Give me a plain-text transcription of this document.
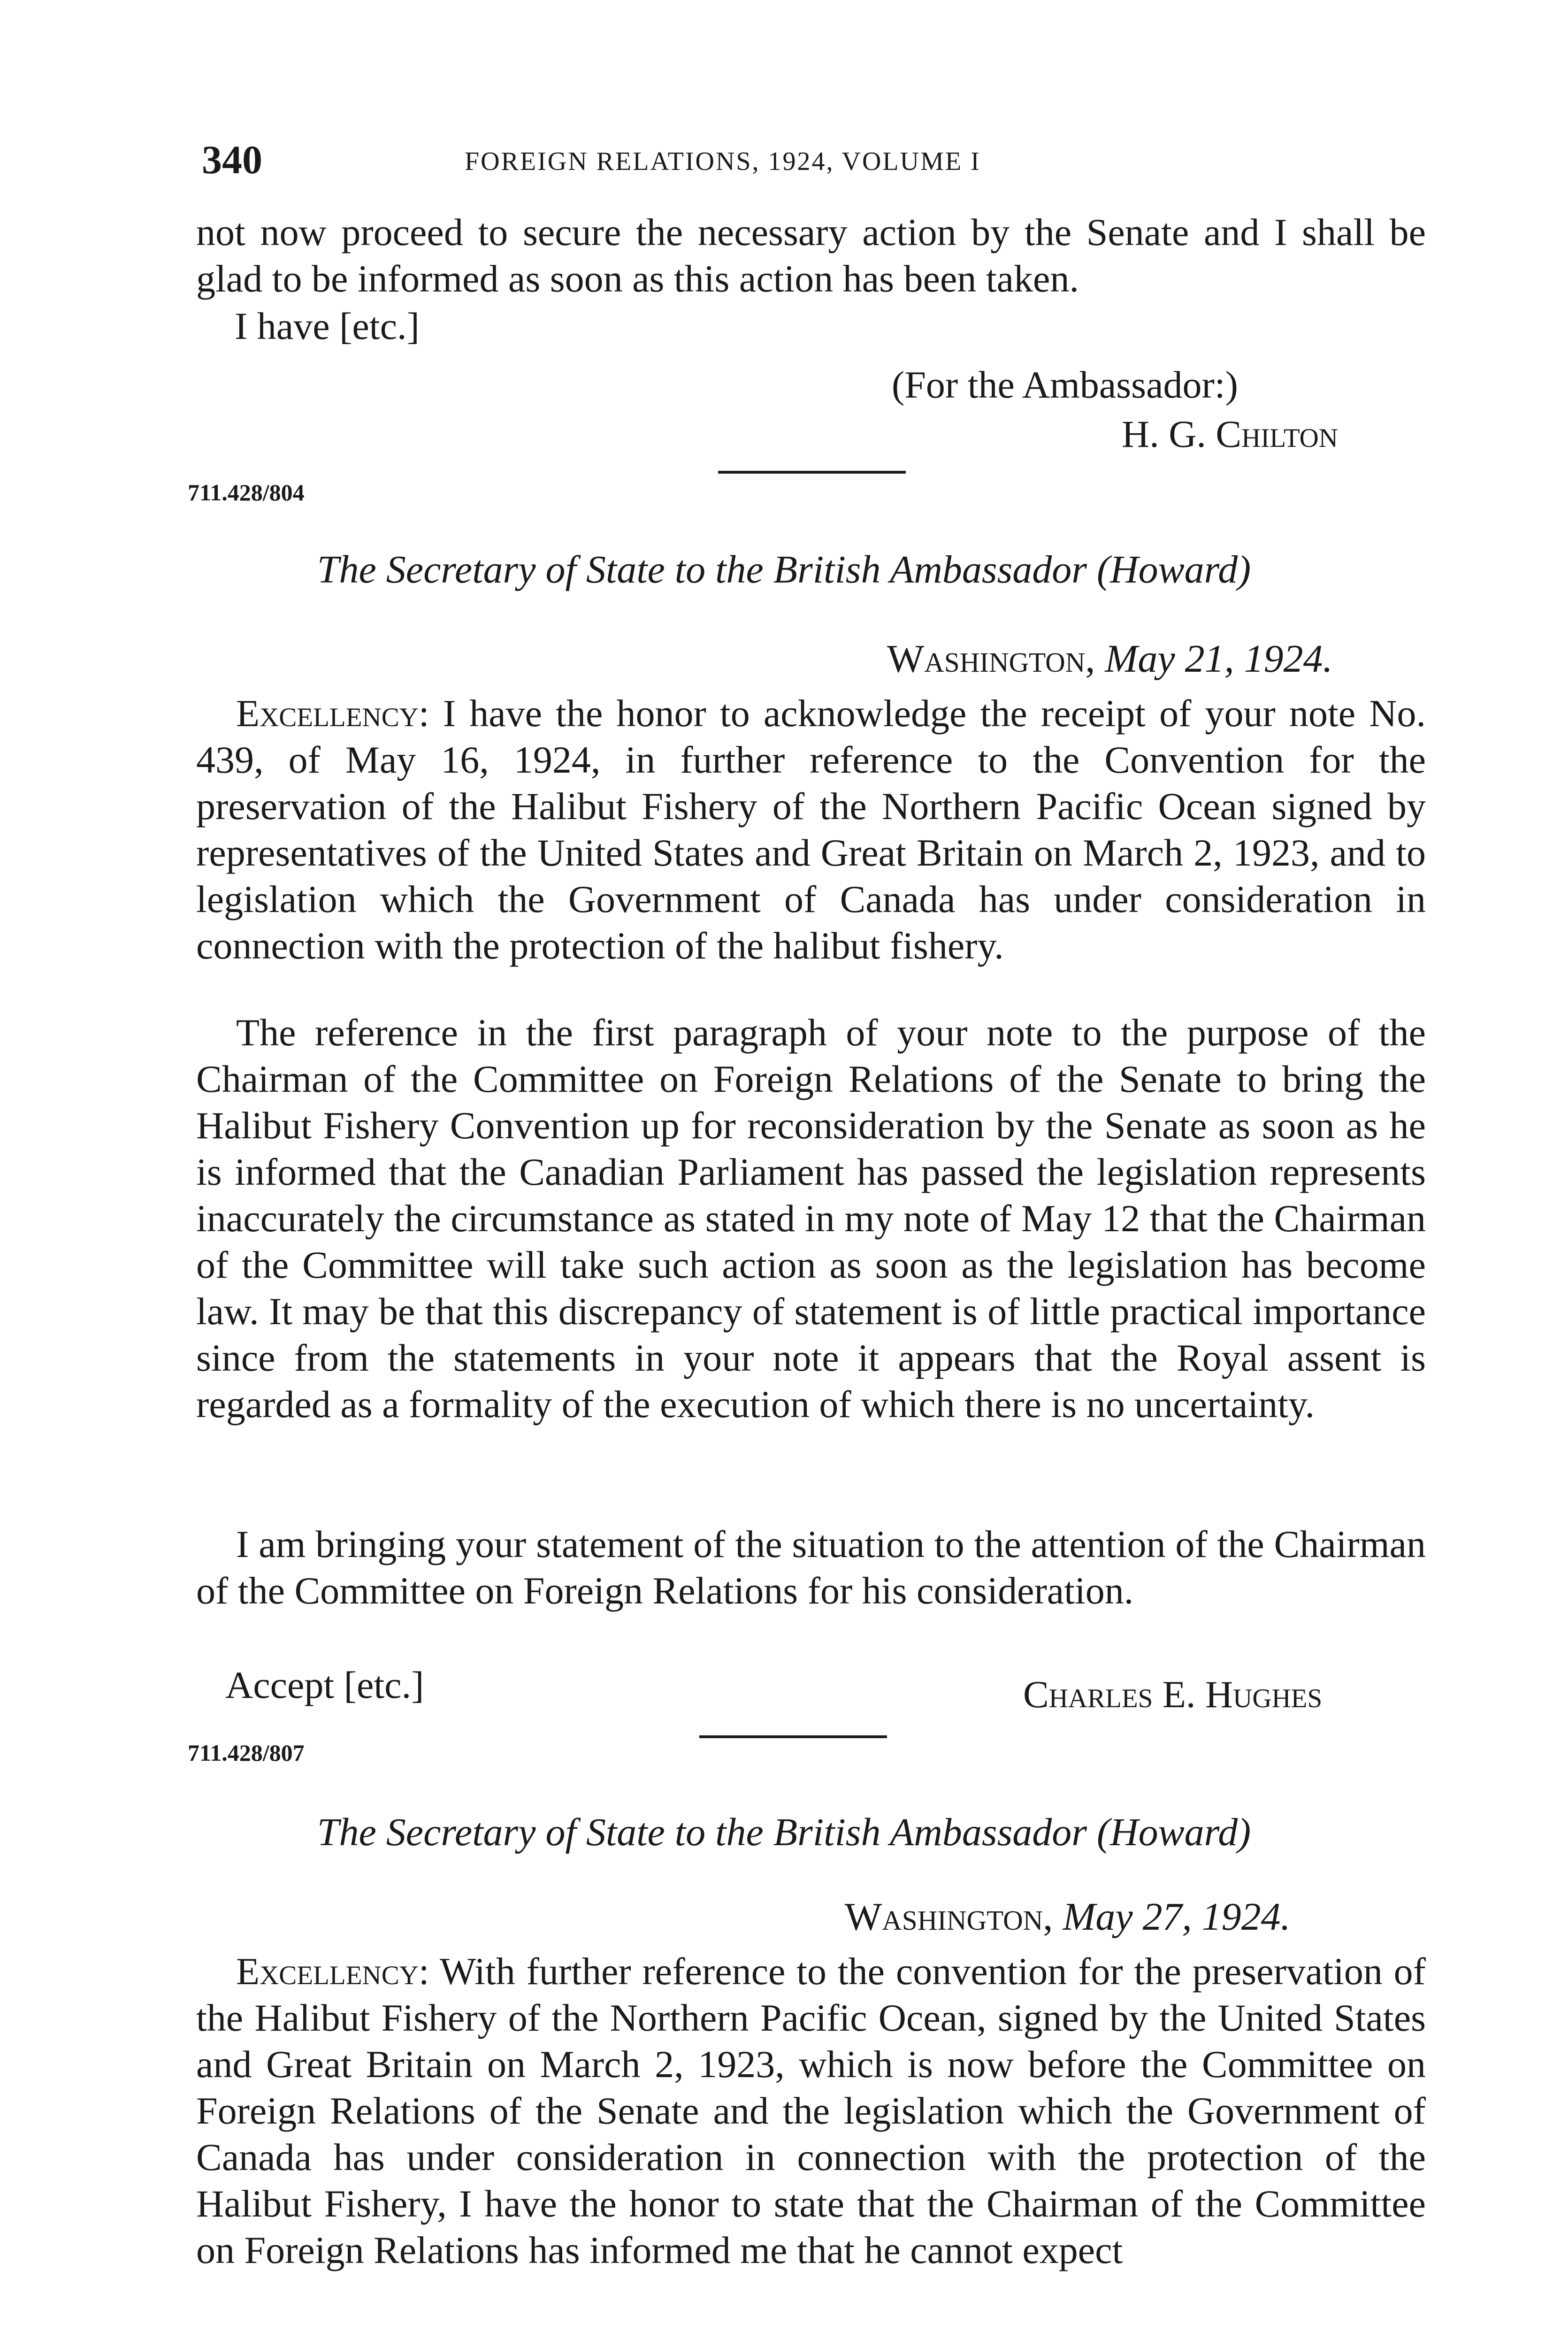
340	FOREIGN RELATIONS, 1924, VOLUME I

not now proceed to secure the necessary action by the Senate and I shall be glad to be informed as soon as this action has been taken.

I have [etc.]
(For the Ambassador:)
H. G. Chilton
711.428/804
The Secretary of State to the British Ambassador (Howard)
Washington, May 21, 1924.

Excellency: I have the honor to acknowledge the receipt of your note No. 439, of May 16, 1924, in further reference to the Convention for the preservation of the Halibut Fishery of the Northern Pacific Ocean signed by representatives of the United States and Great Britain on March 2, 1923, and to legislation which the Government of Canada has under consideration in connection with the protection of the halibut fishery.

The reference in the first paragraph of your note to the purpose of the Chairman of the Committee on Foreign Relations of the Senate to bring the Halibut Fishery Convention up for reconsideration by the Senate as soon as he is informed that the Canadian Parliament has passed the legislation represents inaccurately the circumstance as stated in my note of May 12 that the Chairman of the Committee will take such action as soon as the legislation has become law. It may be that this discrepancy of statement is of little practical importance since from the statements in your note it appears that the Royal assent is regarded as a formality of the execution of which there is no uncertainty.

I am bringing your statement of the situation to the attention of the Chairman of the Committee on Foreign Relations for his consideration.

Accept [etc.]	Charles E. Hughes
711.428/807
The Secretary of State to the British Ambassador (Howard)
Washington, May 27, 1924.

Excellency: With further reference to the convention for the preservation of the Halibut Fishery of the Northern Pacific Ocean, signed by the United States and Great Britain on March 2, 1923, which is now before the Committee on Foreign Relations of the Senate and the legislation which the Government of Canada has under consideration in connection with the protection of the Halibut Fishery, I have the honor to state that the Chairman of the Committee on Foreign Relations has informed me that he cannot expect
